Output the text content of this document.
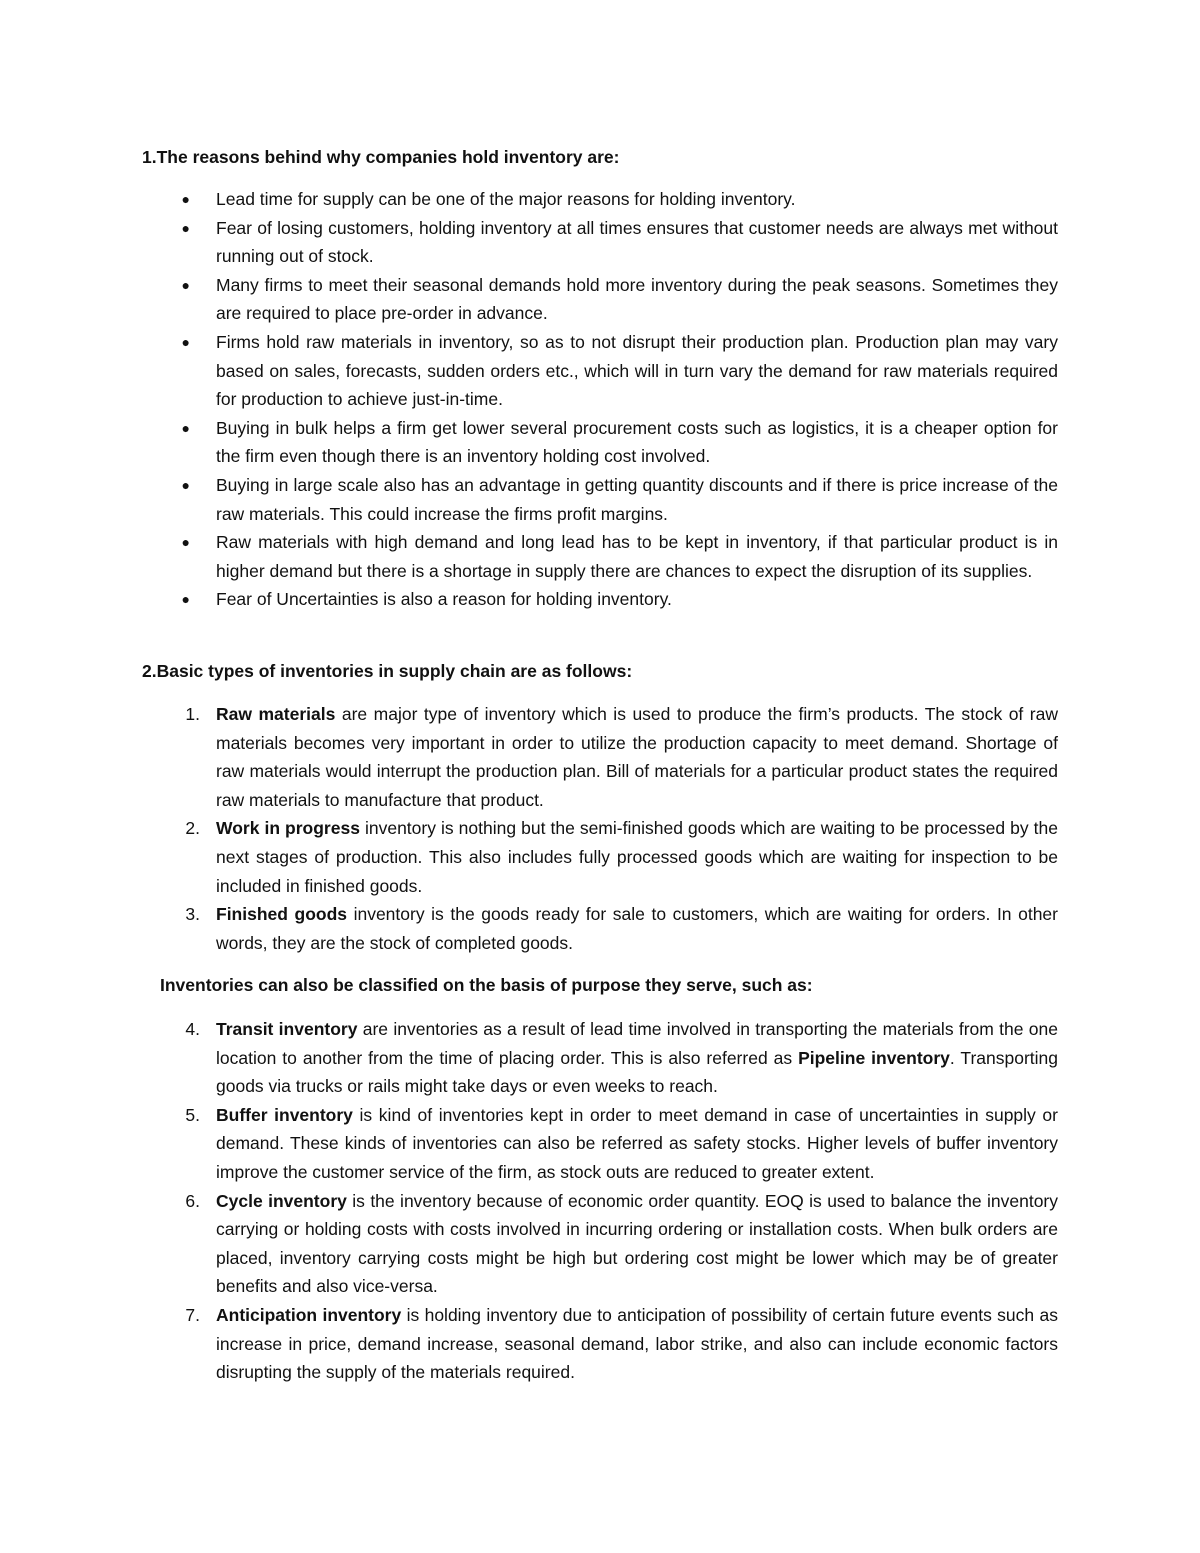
1.The reasons behind why companies hold inventory are:
● Lead time for supply can be one of the major reasons for holding inventory.
● Fear of losing customers, holding inventory at all times ensures that customer needs are always met without running out of stock.
● Many firms to meet their seasonal demands hold more inventory during the peak seasons. Sometimes they are required to place pre-order in advance.
● Firms hold raw materials in inventory, so as to not disrupt their production plan. Production plan may vary based on sales, forecasts, sudden orders etc., which will in turn vary the demand for raw materials required for production to achieve just-in-time.
● Buying in bulk helps a firm get lower several procurement costs such as logistics, it is a cheaper option for the firm even though there is an inventory holding cost involved.
● Buying in large scale also has an advantage in getting quantity discounts and if there is price increase of the raw materials. This could increase the firms profit margins.
● Raw materials with high demand and long lead has to be kept in inventory, if that particular product is in higher demand but there is a shortage in supply there are chances to expect the disruption of its supplies.
● Fear of Uncertainties is also a reason for holding inventory.
2.Basic types of inventories in supply chain are as follows:
1. Raw materials are major type of inventory which is used to produce the firm’s products. The stock of raw materials becomes very important in order to utilize the production capacity to meet demand. Shortage of raw materials would interrupt the production plan. Bill of materials for a particular product states the required raw materials to manufacture that product.
2. Work in progress inventory is nothing but the semi-finished goods which are waiting to be processed by the next stages of production. This also includes fully processed goods which are waiting for inspection to be included in finished goods.
3. Finished goods inventory is the goods ready for sale to customers, which are waiting for orders. In other words, they are the stock of completed goods.
Inventories can also be classified on the basis of purpose they serve, such as:
4. Transit inventory are inventories as a result of lead time involved in transporting the materials from the one location to another from the time of placing order. This is also referred as Pipeline inventory. Transporting goods via trucks or rails might take days or even weeks to reach.
5. Buffer inventory is kind of inventories kept in order to meet demand in case of uncertainties in supply or demand. These kinds of inventories can also be referred as safety stocks. Higher levels of buffer inventory improve the customer service of the firm, as stock outs are reduced to greater extent.
6. Cycle inventory is the inventory because of economic order quantity. EOQ is used to balance the inventory carrying or holding costs with costs involved in incurring ordering or installation costs. When bulk orders are placed, inventory carrying costs might be high but ordering cost might be lower which may be of greater benefits and also vice-versa.
7. Anticipation inventory is holding inventory due to anticipation of possibility of certain future events such as increase in price, demand increase, seasonal demand, labor strike, and also can include economic factors disrupting the supply of the materials required.
